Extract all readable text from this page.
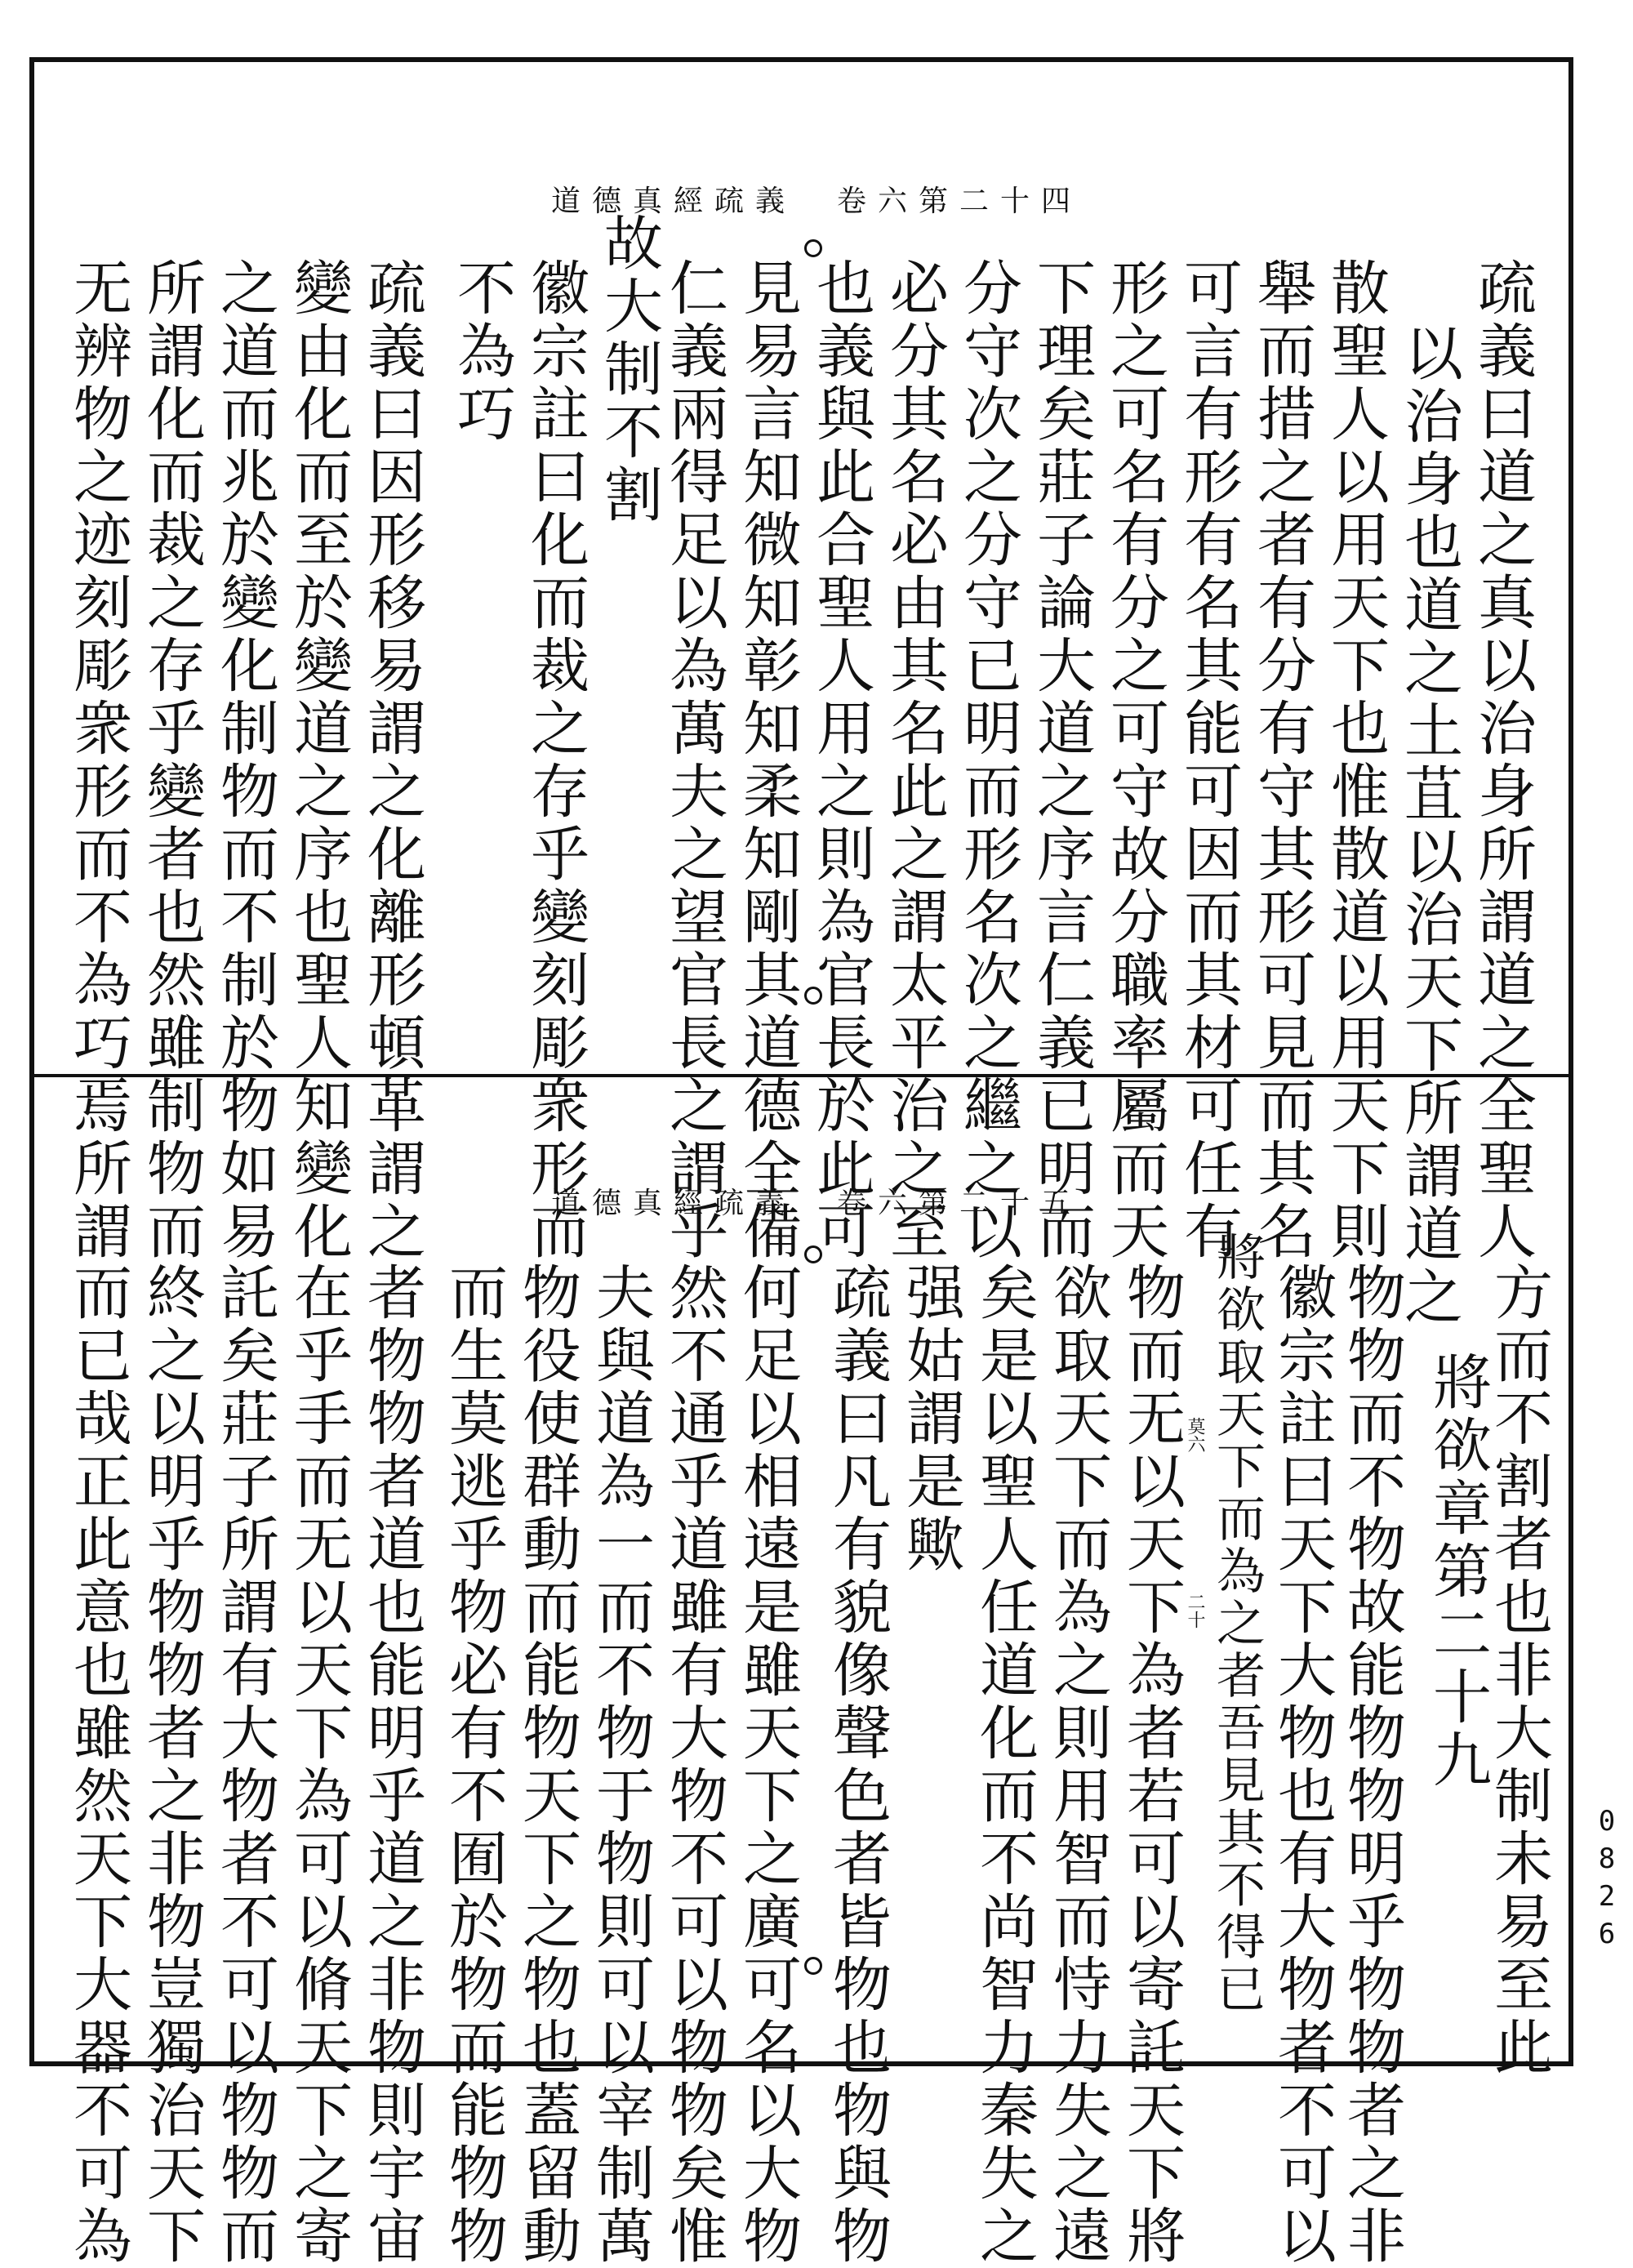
道德真經疏義　卷六第二十四
疏義曰道之真以治身所謂道之全聖人
以治身也道之土苴以治天下所謂道之
散聖人以用天下也惟散道以用天下則
舉而措之者有分有守其形可見而其名
可言有形有名其能可因而其材可任有
形之可名有分之可守故分職率屬而天
下理矣莊子論大道之序言仁義已明而
分守次之分守已明而形名次之繼之以
必分其名必由其名此之謂太平治之至
也義與此合聖人用之則為官長於此可
見易言知微知彰知柔知剛其道德全備
仁義兩得足以為萬夫之望官長之謂乎
故大制不割
徽宗註曰化而裁之存乎變刻彫衆形而
不為巧
疏義曰因形移易謂之化離形頓革謂之
變由化而至於變道之序也聖人知變化
之道而兆於變化制物而不制於物如易
所謂化而裁之存乎變者也然雖制物而
无辨物之迹刻彫衆形而不為巧焉所謂	道德真經疏義　卷六第二十五
方而不割者也非大制未易至此
將欲章第二十九
物物而不物故能物物明乎物物者之非
徽宗註曰天下大物也有大物者不可以
將欲取天下而為之者吾見其不得已
物而无以天下為者若可以寄託天下將
欲取天下而為之則用智而恃力失之遠
矣是以聖人任道化而不尚智力秦失之
强姑謂是歟
疏義曰凡有貌像聲色者皆物也物與物
何足以相遠是雖天下之廣可名以大物
然不通乎道雖有大物不可以物物矣惟
夫與道為一而不物于物則可以宰制萬
物役使群動而能物天下之物也蓋留動
而生莫逃乎物必有不囿於物而能物物
者物物者道也能明乎道之非物則宇宙
在乎手而无以天下為可以脩天下之寄
託矣莊子所謂有大物者不可以物物而
終之以明乎物物者之非物豈獨治天下
而已哉正此意也雖然天下大器不可為	莫六
二十
0826
